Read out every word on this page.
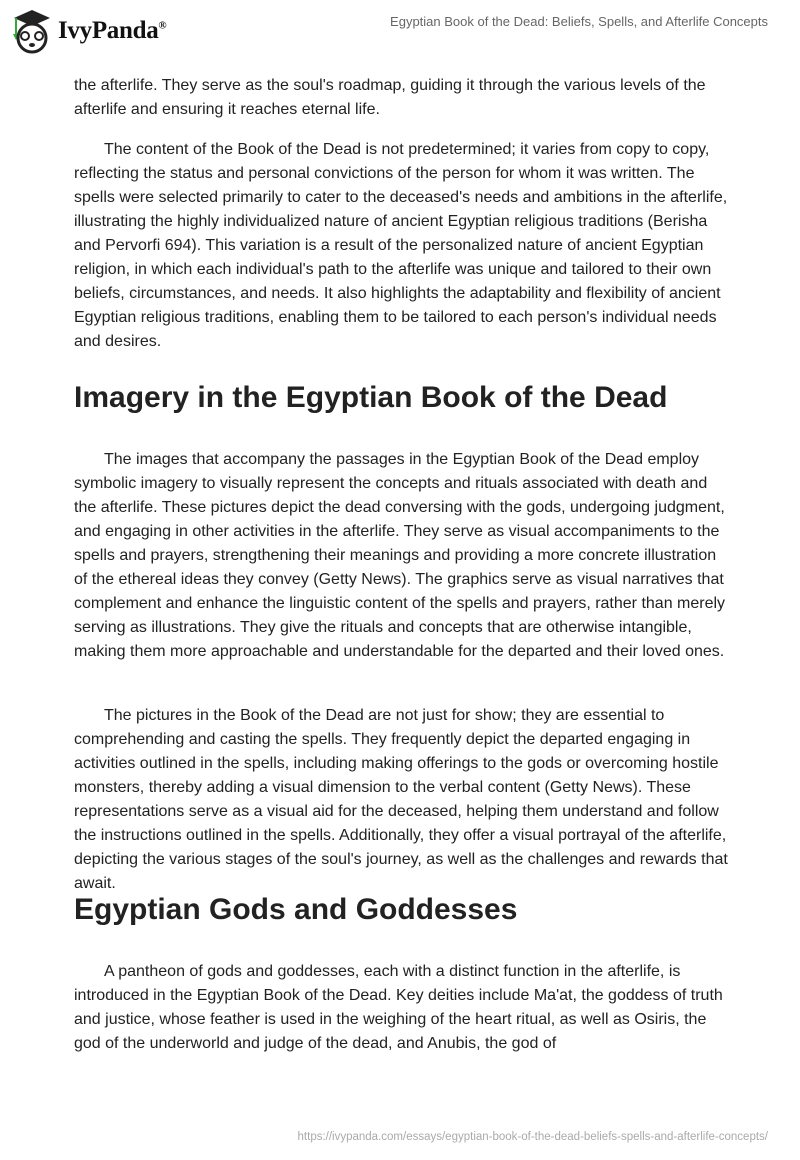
IvyPanda®	Egyptian Book of the Dead: Beliefs, Spells, and Afterlife Concepts

the afterlife. They serve as the soul's roadmap, guiding it through the various levels of the afterlife and ensuring it reaches eternal life.

The content of the Book of the Dead is not predetermined; it varies from copy to copy, reflecting the status and personal convictions of the person for whom it was written. The spells were selected primarily to cater to the deceased's needs and ambitions in the afterlife, illustrating the highly individualized nature of ancient Egyptian religious traditions (Berisha and Pervorfi 694). This variation is a result of the personalized nature of ancient Egyptian religion, in which each individual's path to the afterlife was unique and tailored to their own beliefs, circumstances, and needs. It also highlights the adaptability and flexibility of ancient Egyptian religious traditions, enabling them to be tailored to each person's individual needs and desires.

Imagery in the Egyptian Book of the Dead

The images that accompany the passages in the Egyptian Book of the Dead employ symbolic imagery to visually represent the concepts and rituals associated with death and the afterlife. These pictures depict the dead conversing with the gods, undergoing judgment, and engaging in other activities in the afterlife. They serve as visual accompaniments to the spells and prayers, strengthening their meanings and providing a more concrete illustration of the ethereal ideas they convey (Getty News). The graphics serve as visual narratives that complement and enhance the linguistic content of the spells and prayers, rather than merely serving as illustrations. They give the rituals and concepts that are otherwise intangible, making them more approachable and understandable for the departed and their loved ones.

The pictures in the Book of the Dead are not just for show; they are essential to comprehending and casting the spells. They frequently depict the departed engaging in activities outlined in the spells, including making offerings to the gods or overcoming hostile monsters, thereby adding a visual dimension to the verbal content (Getty News). These representations serve as a visual aid for the deceased, helping them understand and follow the instructions outlined in the spells. Additionally, they offer a visual portrayal of the afterlife, depicting the various stages of the soul's journey, as well as the challenges and rewards that await.

Egyptian Gods and Goddesses

A pantheon of gods and goddesses, each with a distinct function in the afterlife, is introduced in the Egyptian Book of the Dead. Key deities include Ma'at, the goddess of truth and justice, whose feather is used in the weighing of the heart ritual, as well as Osiris, the god of the underworld and judge of the dead, and Anubis, the god of

https://ivypanda.com/essays/egyptian-book-of-the-dead-beliefs-spells-and-afterlife-concepts/
